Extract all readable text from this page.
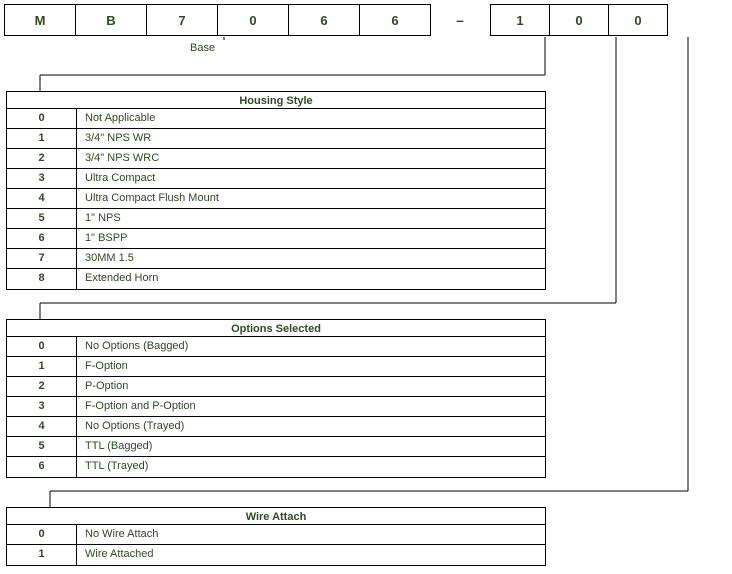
M	B	7	0	6	6	–	1	0	0
Base
Housing Style
0	Not Applicable
1	3/4" NPS WR
2	3/4" NPS WRC
3	Ultra Compact
4	Ultra Compact Flush Mount
5	1" NPS
6	1" BSPP
7	30MM 1.5
8	Extended Horn
Options Selected
0	No Options (Bagged)
1	F-Option
2	P-Option
3	F-Option and P-Option
4	No Options (Trayed)
5	TTL (Bagged)
6	TTL (Trayed)
Wire Attach
0	No Wire Attach
1	Wire Attached
